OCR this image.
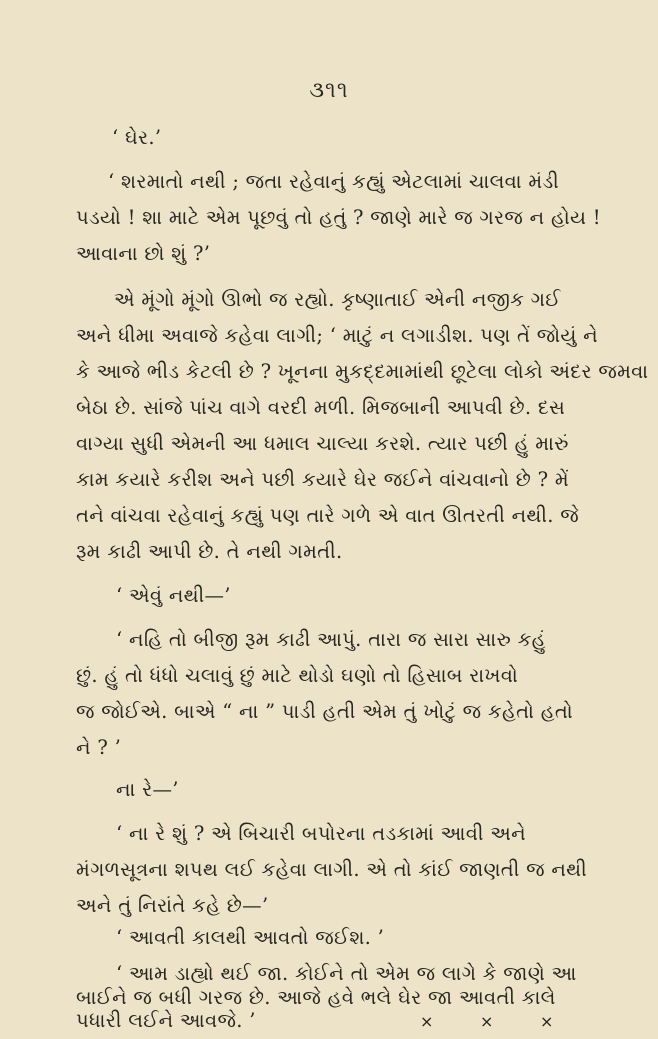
૩૧૧
‘ ઘેર.’
‘ શરમાતો નથી ; જતા રહેવાનું કહ્યું એટલામાં ચાલવા મંડી
પડયો ! શા માટે એમ પૂછવું તો હતું ? જાણે મારે જ ગરજ ન હોય !
આવાના છો શું ?’
એ મૂંગો મૂંગો ઊભો જ રહ્યો. કૃષ્ણાતાઈ એની નજીક ગઈ
અને ધીમા અવાજે કહેવા લાગી; ‘ માટું ન લગાડીશ. પણ તેં જોયું ને
કે આજે ભીડ કેટલી છે ? ખૂનના મુકદ્દમામાંથી છૂટેલા લોકો અંદર જમવા
બેઠા છે. સાંજે પાંચ વાગે વરદી મળી. મિજબાની આપવી છે. દસ
વાગ્યા સુધી એમની આ ધમાલ ચાલ્યા કરશે. ત્યાર પછી હું મારું
કામ કયારે કરીશ અને પછી કયારે ઘેર જઈને વાંચવાનો છે ? મેં
તને વાંચવા રહેવાનું કહ્યું પણ તારે ગળે એ વાત ઊતરતી નથી. જે
રૂમ કાઢી આપી છે. તે નથી ગમતી.
‘ એવું નથી—’
‘ નહિ તો બીજી રૂમ કાઢી આપું. તારા જ સારા સારુ કહું
છું. હું તો ધંધો ચલાવું છું માટે થોડો ઘણો તો હિસાબ રાખવો
જ જોઈએ. બાએ “ ના ” પાડી હતી એમ તું ખોટું જ કહેતો હતો
ને ? ’
ના રે—’
‘ ના રે શું ? એ બિચારી બપોરના તડકામાં આવી અને
મંગળસૂત્રના શપથ લઈ કહેવા લાગી. એ તો કાંઈ જાણતી જ નથી
અને તું નિરાંતે કહે છે—’
‘ આવતી કાલથી આવતો જઈશ. ’
‘ આમ ડાહ્યો થઈ જા. કોઈને તો એમ જ લાગે કે જાણે આ
બાઈને જ બધી ગરજ છે. આજે હવે ભલે ઘેર જા આવતી કાલે
પધારી લઈને આવજે. ’	×	×	×
